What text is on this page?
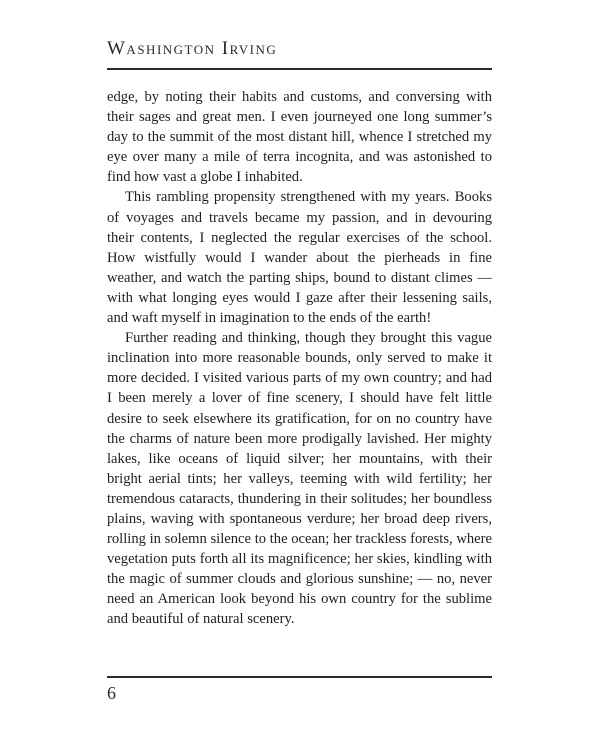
Washington Irving

edge, by noting their habits and customs, and conversing with their sages and great men. I even journeyed one long summer’s day to the summit of the most distant hill, whence I stretched my eye over many a mile of terra incognita, and was astonished to find how vast a globe I inhabited.

This rambling propensity strengthened with my years. Books of voyages and travels became my passion, and in devouring their contents, I neglected the regular exercises of the school. How wistfully would I wander about the pierheads in fine weather, and watch the parting ships, bound to distant climes — with what longing eyes would I gaze after their lessening sails, and waft myself in imagination to the ends of the earth!

Further reading and thinking, though they brought this vague inclination into more reasonable bounds, only served to make it more decided. I visited various parts of my own country; and had I been merely a lover of fine scenery, I should have felt little desire to seek elsewhere its gratification, for on no country have the charms of nature been more prodigally lavished. Her mighty lakes, like oceans of liquid silver; her mountains, with their bright aerial tints; her valleys, teeming with wild fertility; her tremendous cataracts, thundering in their solitudes; her boundless plains, waving with spontaneous verdure; her broad deep rivers, rolling in solemn silence to the ocean; her trackless forests, where vegetation puts forth all its magnificence; her skies, kindling with the magic of summer clouds and glorious sunshine; — no, never need an American look beyond his own country for the sublime and beautiful of natural scenery.

6
